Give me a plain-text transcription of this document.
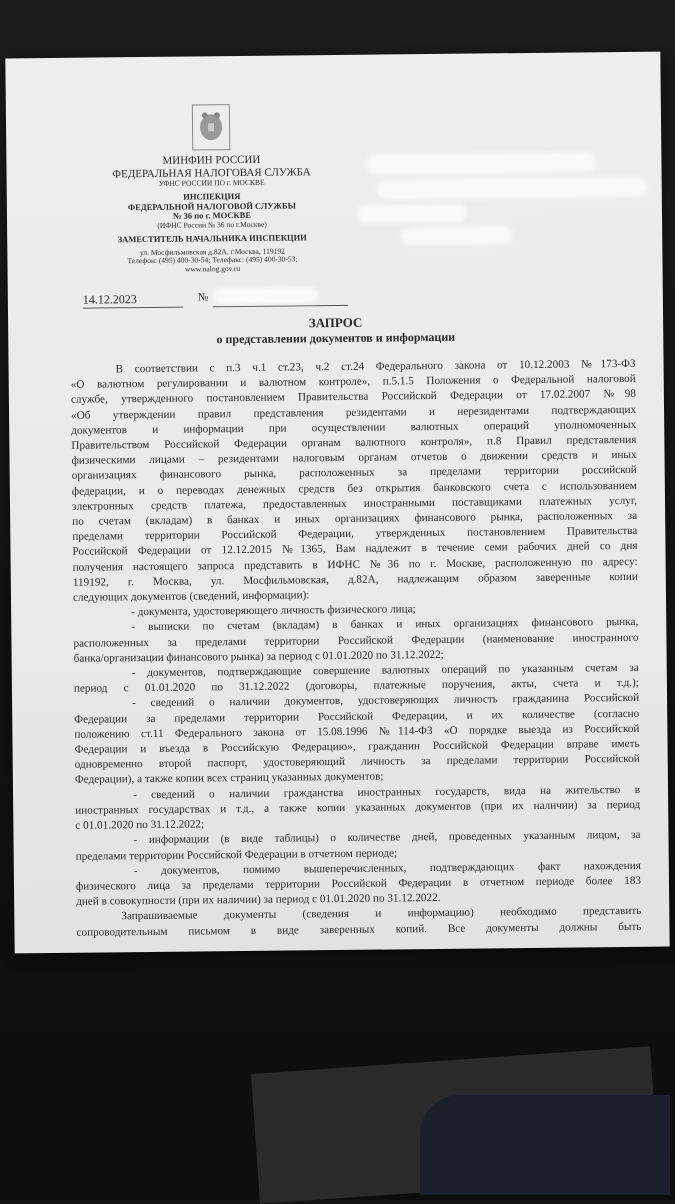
МИНФИН РОССИИ
ФЕДЕРАЛЬНАЯ НАЛОГОВАЯ СЛУЖБА
УФНС РОССИИ ПО г. МОСКВЕ
ИНСПЕКЦИЯ
ФЕДЕРАЛЬНОЙ НАЛОГОВОЙ СЛУЖБЫ
№ 36 по г. МОСКВЕ
(ИФНС России № 36 по г.Москве)
ЗАМЕСТИТЕЛЬ НАЧАЛЬНИКА ИНСПЕКЦИИ
ул. Мосфильмовская д.82А, г.Москва, 119192
Телефон: (495) 400-30-54; Телефакс: (495) 400-30-53;
www.nalog.gov.ru
14.12.2023	№
ЗАПРОС
о представлении документов и информации
В соответствии с п.3 ч.1 ст.23, ч.2 ст.24 Федерального закона от 10.12.2003 №173-ФЗ
«О валютном регулировании и валютном контроле», п.5.1.5 Положения о Федеральной налоговой
службе, утвержденного постановлением Правительства Российской Федерации от 17.02.2007 №98
«Об утверждении правил представления резидентами и нерезидентами подтверждающих
документов и информации при осуществлении валютных операций уполномоченных
Правительством Российской Федерации органам валютного контроля», п.8 Правил представления
физическими лицами – резидентами налоговым органам отчетов о движении средств и иных
организациях финансового рынка, расположенных за пределами территории российской
федерации, и о переводах денежных средств без открытия банковского счета с использованием
электронных средств платежа, предоставленных иностранными поставщиками платежных услуг,
по счетам (вкладам) в банках и иных организациях финансового рынка, расположенных за
пределами территории Российской Федерации, утвержденных постановлением Правительства
Российской Федерации от 12.12.2015 №1365, Вам надлежит в течение семи рабочих дней со дня
получения настоящего запроса представить в ИФНС №36 по г. Москве, расположенную по адресу:
119192, г. Москва, ул. Мосфильмовская, д.82А, надлежащим образом заверенные копии
следующих документов (сведений, информации):
- документа, удостоверяющего личность физического лица;
- выписки по счетам (вкладам) в банках и иных организациях финансового рынка,
расположенных за пределами территории Российской Федерации (наименование иностранного
банка/организации финансового рынка) за период с 01.01.2020 по 31.12.2022;
- документов, подтверждающие совершение валютных операций по указанным счетам за
период с 01.01.2020 по 31.12.2022 (договоры, платежные поручения, акты, счета и т.д.);
- сведений о наличии документов, удостоверяющих личность гражданина Российской
Федерации за пределами территории Российской Федерации, и их количестве (согласно
положению ст.11 Федерального закона от 15.08.1996 №114-ФЗ «О порядке выезда из Российской
Федерации и въезда в Российскую Федерацию», гражданин Российской Федерации вправе иметь
одновременно второй паспорт, удостоверяющий личность за пределами территории Российской
Федерации), а также копии всех страниц указанных документов;
- сведений о наличии гражданства иностранных государств, вида на жительство в
иностранных государствах и т.д., а также копии указанных документов (при их наличии) за период
с 01.01.2020 по 31.12.2022;
- информации (в виде таблицы) о количестве дней, проведенных указанным лицом, за
пределами территории Российской Федерации в отчетном периоде;
- документов, помимо вышеперечисленных, подтверждающих факт нахождения
физического лица за пределами территории Российской Федерации в отчетном периоде более 183
дней в совокупности (при их наличии) за период с 01.01.2020 по 31.12.2022.
Запрашиваемые документы (сведения и информацию) необходимо представить
сопроводительным письмом в виде заверенных копий. Все документы должны быть
